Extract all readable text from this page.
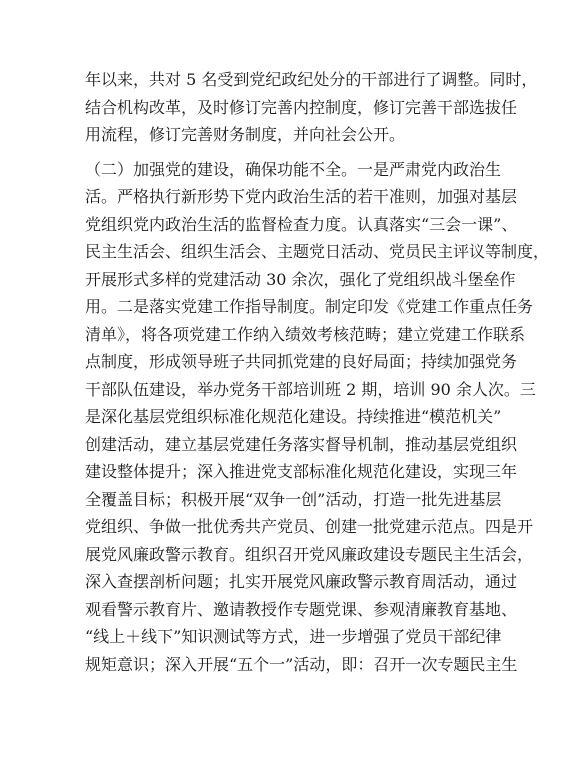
年以来，共对 5 名受到党纪政纪处分的干部进行了调整。同时，
结合机构改革，及时修订完善内控制度，修订完善干部选拔任
用流程，修订完善财务制度，并向社会公开。
（二）加强党的建设，确保功能不全。一是严肃党内政治生
活。严格执行新形势下党内政治生活的若干准则，加强对基层
党组织党内政治生活的监督检查力度。认真落实“三会一课”、
民主生活会、组织生活会、主题党日活动、党员民主评议等制度，
开展形式多样的党建活动 30 余次，强化了党组织战斗堡垒作
用。二是落实党建工作指导制度。制定印发《党建工作重点任务
清单》，将各项党建工作纳入绩效考核范畴；建立党建工作联系
点制度，形成领导班子共同抓党建的良好局面；持续加强党务
干部队伍建设，举办党务干部培训班 2 期，培训 90 余人次。三
是深化基层党组织标准化规范化建设。持续推进“模范机关”
创建活动，建立基层党建任务落实督导机制，推动基层党组织
建设整体提升；深入推进党支部标准化规范化建设，实现三年
全覆盖目标；积极开展“双争一创”活动，打造一批先进基层
党组织、争做一批优秀共产党员、创建一批党建示范点。四是开
展党风廉政警示教育。组织召开党风廉政建设专题民主生活会，
深入查摆剖析问题；扎实开展党风廉政警示教育周活动，通过
观看警示教育片、邀请教授作专题党课、参观清廉教育基地、
“线上＋线下”知识测试等方式，进一步增强了党员干部纪律
规矩意识；深入开展“五个一”活动，即：召开一次专题民主生
